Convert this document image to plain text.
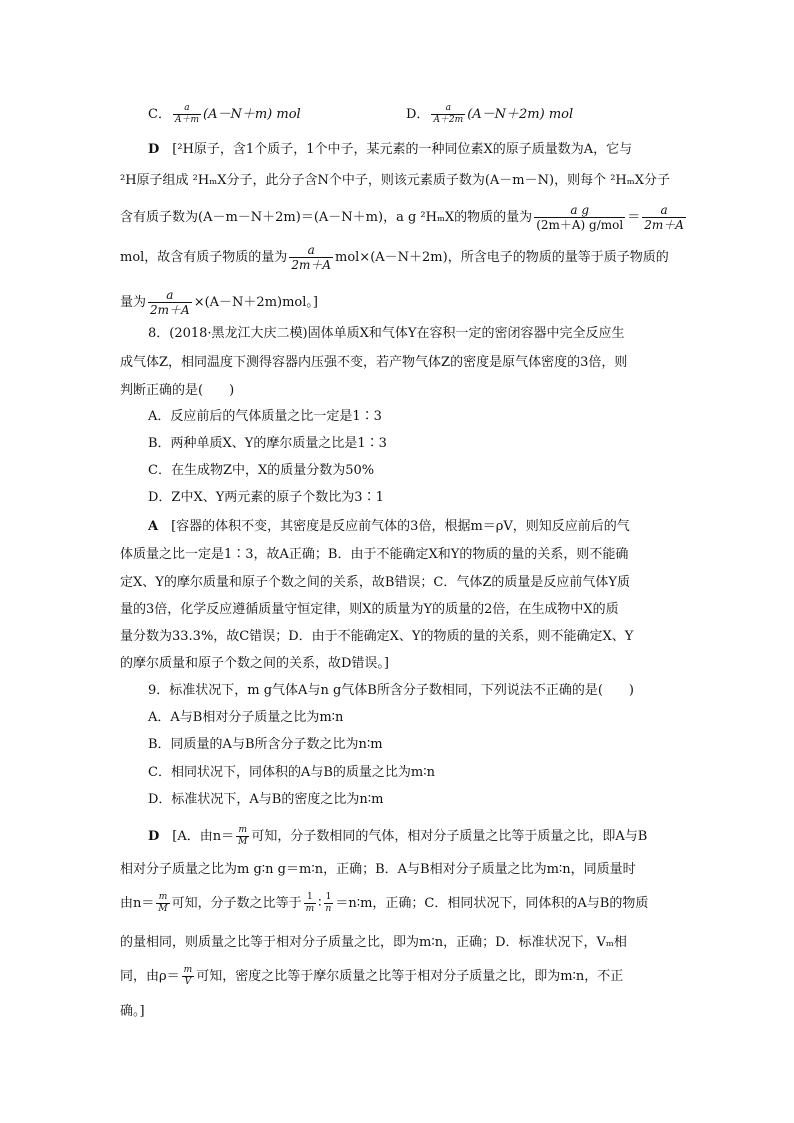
C． $\frac{a}{A+m} (A-N+m)$ mol	D． $\frac{a}{A+2m} (A-N+2m)$ mol
D　 [²H原子，含1个质子，1个中子，某元素的一种同位素X的原子质量数为A，它与
²H原子组成 ²HₘX分子，此分子含N个中子，则该元素质子数为(A－m－N)，则每个 ²HₘX分子
含有质子数为(A－m－N＋2m)＝(A－N＋m)，a g ²HₘX的物质的量为 $\frac{\text{a g}}{\text{(2m＋A) g/mol}} = \frac{a}{2m+A}$
mol，故含有质子物质的量为 $\frac{a}{2m+A} mol\times(A-N+2m)$，所含电子的物质的量等于质子物质的
量为 $\frac{a}{2m+A} \times(A-N+2m)mol$。]
8．(2018·黑龙江大庆二模)固体单质X和气体Y在容积一定的密闭容器中完全反应生
成气体Z，相同温度下测得容器内压强不变，若产物气体Z的密度是原气体密度的3倍，则
判断正确的是(　　)
A．反应前后的气体质量之比一定是1∶3
B．两种单质X、Y的摩尔质量之比是1∶3
C．在生成物Z中，X的质量分数为50%
D．Z中X、Y两元素的原子个数比为3∶1
A　 [容器的体积不变，其密度是反应前气体的3倍，根据m＝ρV，则知反应前后的气
体质量之比一定是1∶3，故A正确；B．由于不能确定X和Y的物质的量的关系，则不能确
定X、Y的摩尔质量和原子个数之间的关系，故B错误；C．气体Z的质量是反应前气体Y质
量的3倍，化学反应遵循质量守恒定律，则X的质量为Y的质量的2倍，在生成物中X的质
量分数为33.3%，故C错误；D．由于不能确定X、Y的物质的量的关系，则不能确定X、Y
的摩尔质量和原子个数之间的关系，故D错误。]
9．标准状况下，m g气体A与n g气体B所含分子数相同，下列说法不正确的是(　　)
A．A与B相对分子质量之比为m∶n
B．同质量的A与B所含分子数之比为n∶m
C．相同状况下，同体积的A与B的质量之比为m∶n
D．标准状况下，A与B的密度之比为n∶m
D　 [A．由$n= \frac{m}{M}$ 可知，分子数相同的气体，相对分子质量之比等于质量之比，即A与B
相对分子质量之比为m g∶n g＝m∶n，正确；B．A与B相对分子质量之比为m∶n，同质量时
由$n= \frac{m}{M}$ 可知，分子数之比等于 $\frac{1}{m}$ ∶ $\frac{1}{n}$ ＝n∶m，正确；C．相同状况下，同体积的A与B的物质
的量相同，则质量之比等于相对分子质量之比，即为m∶n，正确；D．标准状况下，Vₘ相
同，由$\rho= \frac{m}{V}$ 可知，密度之比等于摩尔质量之比等于相对分子质量之比，即为m∶n，不正
确。]
